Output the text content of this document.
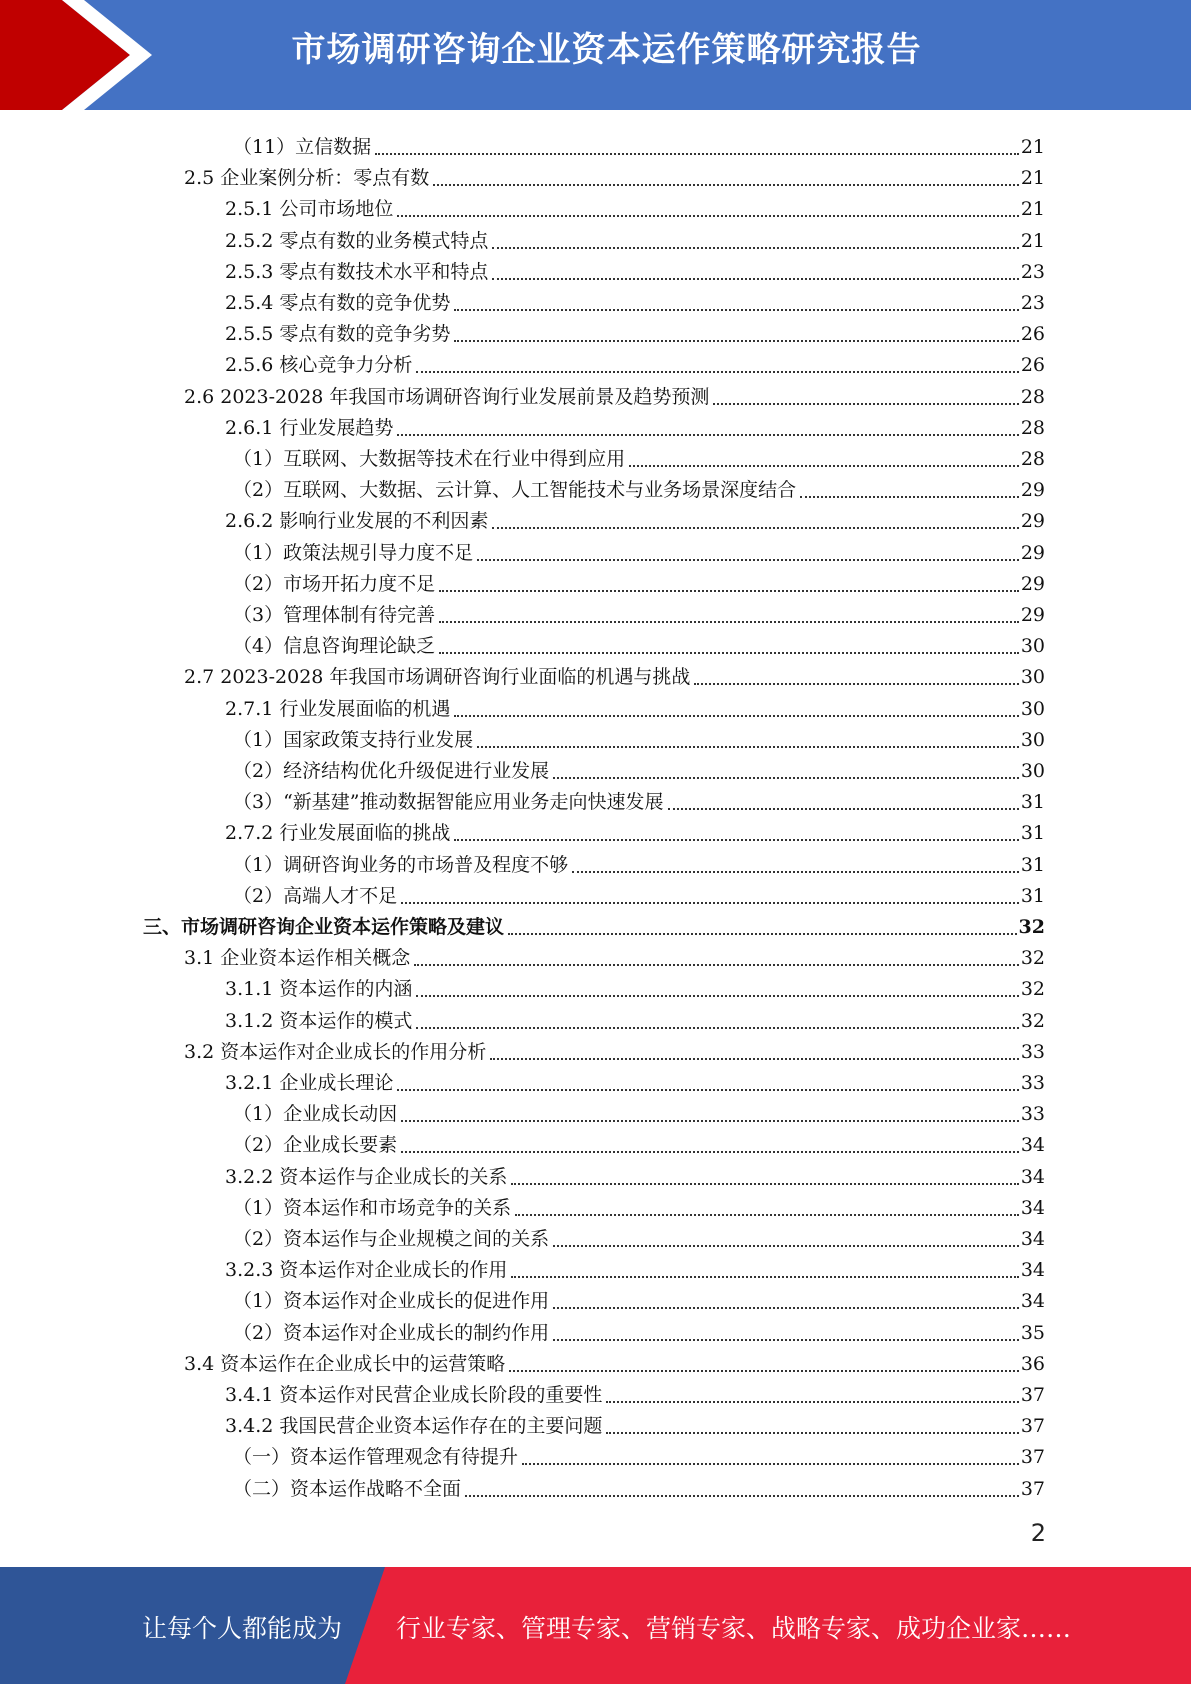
市场调研咨询企业资本运作策略研究报告
（11）立信数据	21
2.5 企业案例分析：零点有数	21
2.5.1 公司市场地位	21
2.5.2 零点有数的业务模式特点	21
2.5.3 零点有数技术水平和特点	23
2.5.4 零点有数的竞争优势	23
2.5.5 零点有数的竞争劣势	26
2.5.6 核心竞争力分析	26
2.6 2023-2028 年我国市场调研咨询行业发展前景及趋势预测	28
2.6.1 行业发展趋势	28
（1）互联网、大数据等技术在行业中得到应用	28
（2）互联网、大数据、云计算、人工智能技术与业务场景深度结合	29
2.6.2 影响行业发展的不利因素	29
（1）政策法规引导力度不足	29
（2）市场开拓力度不足	29
（3）管理体制有待完善	29
（4）信息咨询理论缺乏	30
2.7 2023-2028 年我国市场调研咨询行业面临的机遇与挑战	30
2.7.1 行业发展面临的机遇	30
（1）国家政策支持行业发展	30
（2）经济结构优化升级促进行业发展	30
（3）“新基建”推动数据智能应用业务走向快速发展	31
2.7.2 行业发展面临的挑战	31
（1）调研咨询业务的市场普及程度不够	31
（2）高端人才不足	31
三、市场调研咨询企业资本运作策略及建议	32
3.1 企业资本运作相关概念	32
3.1.1 资本运作的内涵	32
3.1.2 资本运作的模式	32
3.2 资本运作对企业成长的作用分析	33
3.2.1 企业成长理论	33
（1）企业成长动因	33
（2）企业成长要素	34
3.2.2 资本运作与企业成长的关系	34
（1）资本运作和市场竞争的关系	34
（2）资本运作与企业规模之间的关系	34
3.2.3 资本运作对企业成长的作用	34
（1）资本运作对企业成长的促进作用	34
（2）资本运作对企业成长的制约作用	35
3.4 资本运作在企业成长中的运营策略	36
3.4.1 资本运作对民营企业成长阶段的重要性	37
3.4.2 我国民营企业资本运作存在的主要问题	37
（一）资本运作管理观念有待提升	37
（二）资本运作战略不全面	37
2
让每个人都能成为 行业专家、管理专家、营销专家、战略专家、成功企业家……
